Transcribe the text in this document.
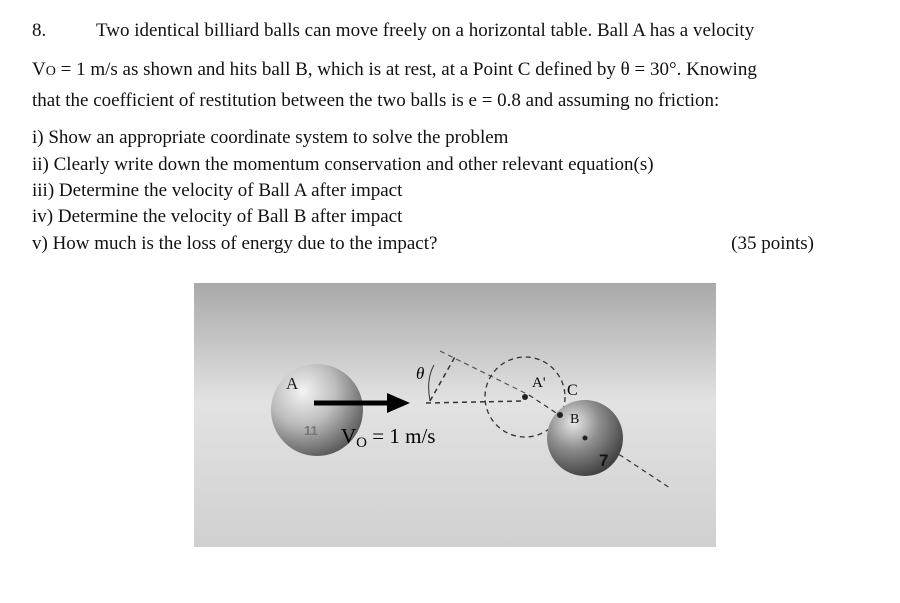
8.	Two identical billiard balls can move freely on a horizontal table. Ball A has a velocity
VO = 1 m/s as shown and hits ball B, which is at rest, at a Point C defined by θ = 30°. Knowing
that the coefficient of restitution between the two balls is e = 0.8 and assuming no friction:
i) Show an appropriate coordinate system to solve the problem
ii) Clearly write down the momentum conservation and other relevant equation(s)
iii) Determine the velocity of Ball A after impact
iv) Determine the velocity of Ball B after impact
v) How much is the loss of energy due to the impact?	(35 points)
A
11 VO = 1 m/s
θ	A'
B
7
C
